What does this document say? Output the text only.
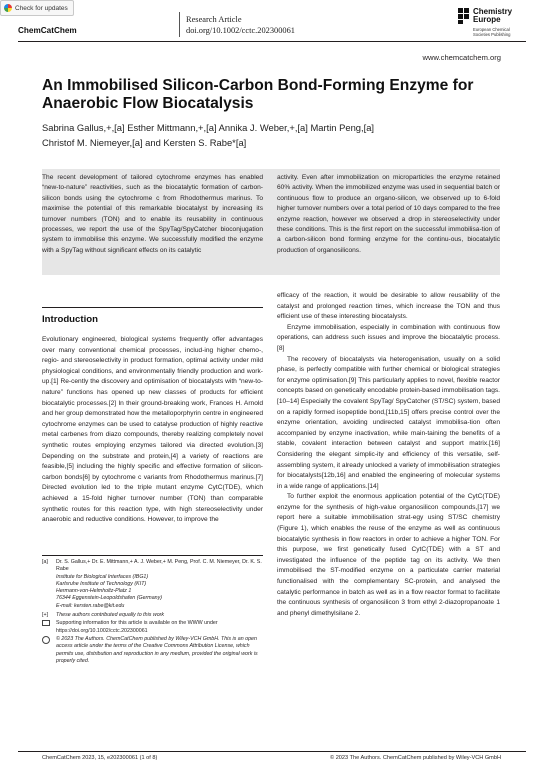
Check for updates
ChemCatChem
Research Article
doi.org/10.1002/cctc.202300061
Chemistry Europe
European Chemical
Societies Publishing
www.chemcatchem.org
An Immobilised Silicon-Carbon Bond-Forming Enzyme for Anaerobic Flow Biocatalysis
Sabrina Gallus,+,[a] Esther Mittmann,+,[a] Annika J. Weber,+,[a] Martin Peng,[a]
Christof M. Niemeyer,[a] and Kersten S. Rabe*[a]
The recent development of tailored cytochrome enzymes has enabled “new-to-nature” reactivities, such as the biocatalytic formation of carbon-silicon bonds using the cytochrome c from Rhodothermus marinus. To maximise the potential of this remarkable biocatalyst by increasing its turnover numbers (TON) and to enable its reusability in continuous processes, we report the use of the SpyTag/SpyCatcher bioconjugation system to immobilise this enzyme. We successfully modified the enzyme with a SpyTag without significant effects on its catalytic
activity. Even after immobilization on microparticles the enzyme retained 60% activity. When the immobilized enzyme was used in sequential batch or continuous flow to produce an organo-silicon, we observed up to 6-fold higher turnover numbers over a total period of 10 days compared to the free enzyme reaction, however we observed a drop in stereoselectivity under these conditions. This is the first report on the successful immobilisa-tion of a carbon-silicon bond forming enzyme for the continu-ous, biocatalytic production of organosilicons.
Introduction

Evolutionary engineered, biological systems frequently offer advantages over many conventional chemical processes, includ-ing higher chemo-, regio- and stereoselectivity in product formation, optimal activity under mild physiological conditions, and environmentally friendly production and work-up.[1] Re-cently the discovery and optimisation of biocatalysts with “new-to-nature” functions has opened up new classes of products for efficient biocatalytic processes.[2] In their ground-breaking work, Frances H. Arnold and her group demonstrated how the metalloporphyrin centre in engineered cytochrome enzymes can be used to catalyse production of highly reactive metal carbenes from diazo compounds, thereby realizing completely novel synthetic routes employing enzymes tailored via directed evolution.[3] Depending on the substrate and protein,[4] a variety of reactions are feasible,[5] including the highly specific and effective formation of silicon-carbon bonds[6] by cytochrome c variants from Rhodothermus marinus.[7] Directed evolution led to the triple mutant enzyme CytC(TDE), which achieved a 15-fold higher turnover number (TON) than comparable synthetic routes for this reaction type, with high stereoselectivity under anaerobic and reductive conditions. However, to improve the

efficacy of the reaction, it would be desirable to allow reusability of the catalyst and prolonged reaction times, which increase the TON and thus efficient use of these interesting biocatalysts.

Enzyme immobilisation, especially in combination with continuous flow operations, can address such issues and improve the biocatalytic process.[8]

The recovery of biocatalysts via heterogenisation, usually on a solid phase, is perfectly compatible with further chemical or biological strategies for enzyme optimisation.[9] This particularly applies to novel, flexible reactor concepts based on genetically encodable protein-based immobilisation tags.[10–14] Especially the covalent SpyTag/ SpyCatcher (ST/SC) system, based on a rapidly formed isopeptide bond,[11b,15] offers precise control over the enzyme orientation, avoiding undirected catalyst immobilisa-tion often accompanied by enzyme inactivation, while main-taining the benefits of a stable, covalent interaction between catalyst and support matrix.[16] Considering the elegant simplic-ity and efficiency of this versatile, self-assembling system, it already unlocked a variety of immobilisation strategies for biocatalysts[12b,16] and enabled the engineering of molecular systems in a wide range of applications.[14]

To further exploit the enormous application potential of the CytC(TDE) enzyme for the synthesis of high-value organosilicon compounds,[17] we report here a suitable immobilisation strat-egy using ST/SC chemistry (Figure 1), which enables the reuse of the enzyme as well as continuous biocatalytic synthesis in flow reactors in order to achieve a higher TON. For this purpose, we first genetically fused CytC(TDE) with a ST and investigated the influence of the peptide tag on its activity. We then immobilised the ST-modified enzyme on a particulate carrier material functionalised with the complementary SC-protein, and analysed the catalytic performance in batch as well as in a flow reactor format to facilitate the continuous synthesis of organosilicon 3 from ethyl 2-diazopropanoate 1 and phenyl dimethylsilane 2.

[a]	Dr. S. Gallus,+ Dr. E. Mittmann,+ A. J. Weber,+ M. Peng, Prof. C. M. Niemeyer, Dr. K. S. Rabe
Institute for Biological Interfaces (IBG1)
Karlsruhe Institute of Technology (KIT)
Hermann-von-Helmholtz-Platz 1
76344 Eggenstein-Leopoldshafen (Germany)
E-mail: kersten.rabe@kit.edu
[+]	These authors contributed equally to this work
Supporting information for this article is available on the WWW under https://doi.org/10.1002/cctc.202300061
© 2023 The Authors. ChemCatChem published by Wiley-VCH GmbH. This is an open access article under the terms of the Creative Commons Attribution License, which permits use, distribution and reproduction in any medium, provided the original work is properly cited.
ChemCatChem 2023, 15, e202300061 (1 of 8)	© 2023 The Authors. ChemCatChem published by Wiley-VCH GmbH
